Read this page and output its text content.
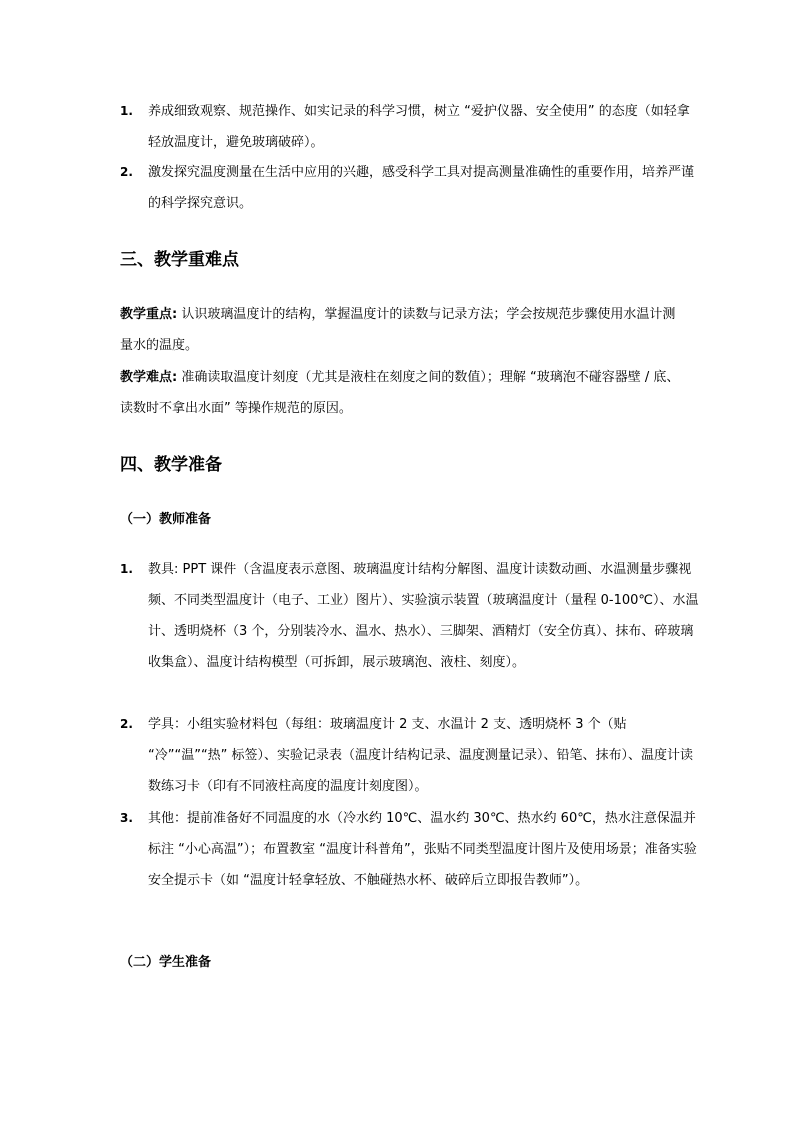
1. 养成细致观察、规范操作、如实记录的科学习惯，树立 “爱护仪器、安全使用” 的态度（如轻拿轻放温度计，避免玻璃破碎）。
2. 激发探究温度测量在生活中应用的兴趣，感受科学工具对提高测量准确性的重要作用，培养严谨的科学探究意识。
三、教学重难点
教学重点: 认识玻璃温度计的结构，掌握温度计的读数与记录方法；学会按规范步骤使用水温计测量水的温度。
教学难点: 准确读取温度计刻度（尤其是液柱在刻度之间的数值）；理解 “玻璃泡不碰容器壁 / 底、读数时不拿出水面” 等操作规范的原因。
四、教学准备
（一）教师准备
1. 教具: PPT 课件（含温度表示意图、玻璃温度计结构分解图、温度计读数动画、水温测量步骤视频、不同类型温度计（电子、工业）图片）、实验演示装置（玻璃温度计（量程 0-100℃）、水温计、透明烧杯（3 个，分别装冷水、温水、热水）、三脚架、酒精灯（安全仿真）、抹布、碎玻璃收集盒）、温度计结构模型（可拆卸，展示玻璃泡、液柱、刻度）。
2. 学具：小组实验材料包（每组：玻璃温度计 2 支、水温计 2 支、透明烧杯 3 个（贴 “冷”“温”“热” 标签）、实验记录表（温度计结构记录、温度测量记录）、铅笔、抹布）、温度计读数练习卡（印有不同液柱高度的温度计刻度图）。
3. 其他：提前准备好不同温度的水（冷水约 10℃、温水约 30℃、热水约 60℃，热水注意保温并标注 “小心高温”）；布置教室 “温度计科普角”，张贴不同类型温度计图片及使用场景；准备实验安全提示卡（如 “温度计轻拿轻放、不触碰热水杯、破碎后立即报告教师”）。
（二）学生准备
